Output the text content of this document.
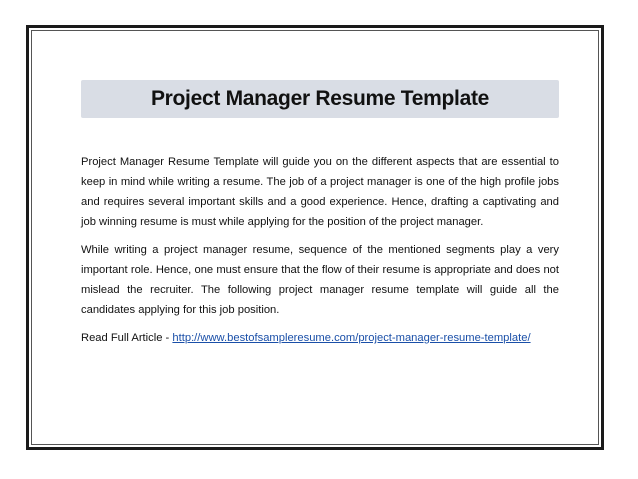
Project Manager Resume Template

Project Manager Resume Template will guide you on the different aspects that are essential to keep in mind while writing a resume. The job of a project manager is one of the high profile jobs and requires several important skills and a good experience. Hence, drafting a captivating and job winning resume is must while applying for the position of the project manager.

While writing a project manager resume, sequence of the mentioned segments play a very important role. Hence, one must ensure that the flow of their resume is appropriate and does not mislead the recruiter. The following project manager resume template will guide all the candidates applying for this job position.

Read Full Article - http://www.bestofsampleresume.com/project-manager-resume-template/
